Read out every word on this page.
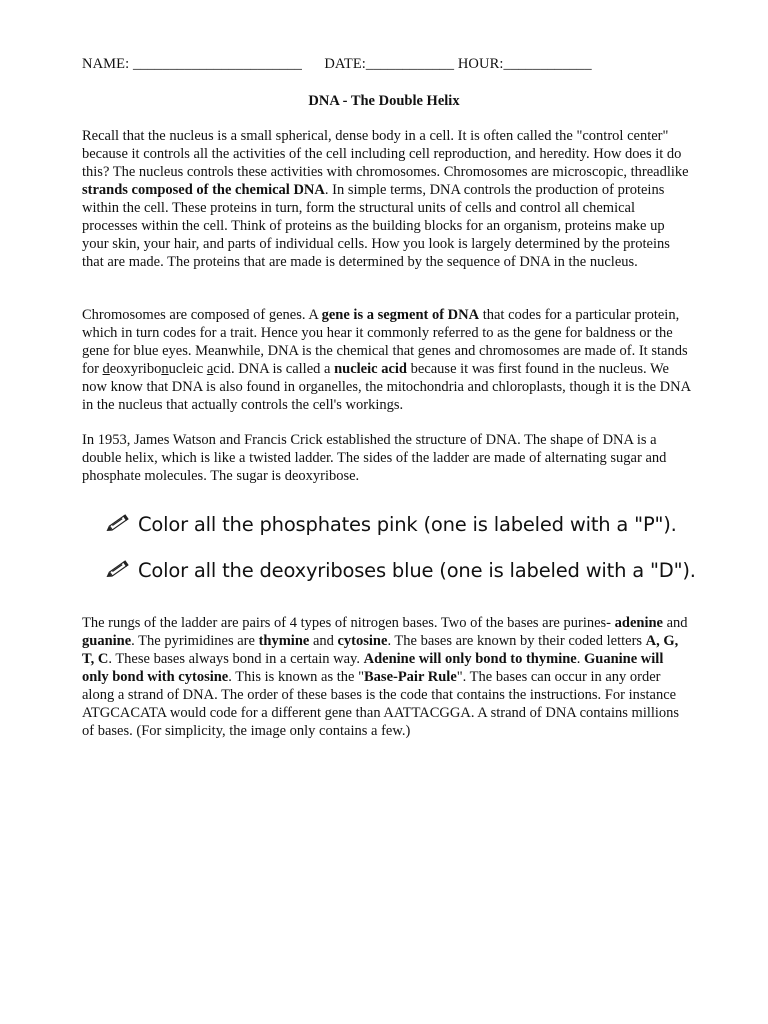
NAME: _______________________      DATE:____________ HOUR:____________
DNA - The Double Helix

Recall that the nucleus is a small spherical, dense body in a cell. It is often called the "control center" because it controls all the activities of the cell including cell reproduction, and heredity. How does it do this? The nucleus controls these activities with chromosomes. Chromosomes are microscopic, threadlike strands composed of the chemical DNA. In simple terms, DNA controls the production of proteins within the cell. These proteins in turn, form the structural units of cells and control all chemical processes within the cell. Think of proteins as the building blocks for an organism, proteins make up your skin, your hair, and parts of individual cells. How you look is largely determined by the proteins that are made. The proteins that are made is determined by the sequence of DNA in the nucleus.

Chromosomes are composed of genes. A gene is a segment of DNA that codes for a particular protein, which in turn codes for a trait. Hence you hear it commonly referred to as the gene for baldness or the gene for blue eyes. Meanwhile, DNA is the chemical that genes and chromosomes are made of. It stands for deoxyribonucleic acid. DNA is called a nucleic acid because it was first found in the nucleus. We now know that DNA is also found in organelles, the mitochondria and chloroplasts, though it is the DNA in the nucleus that actually controls the cell's workings.

In 1953, James Watson and Francis Crick established the structure of DNA. The shape of DNA is a double helix, which is like a twisted ladder. The sides of the ladder are made of alternating sugar and phosphate molecules. The sugar is deoxyribose.

Color all the phosphates pink (one is labeled with a "P").
Color all the deoxyriboses blue (one is labeled with a "D").

The rungs of the ladder are pairs of 4 types of nitrogen bases. Two of the bases are purines- adenine and guanine. The pyrimidines are thymine and cytosine. The bases are known by their coded letters A, G, T, C. These bases always bond in a certain way. Adenine will only bond to thymine. Guanine will only bond with cytosine. This is known as the "Base-Pair Rule". The bases can occur in any order along a strand of DNA. The order of these bases is the code that contains the instructions. For instance ATGCACATA would code for a different gene than AATTACGGA. A strand of DNA contains millions of bases. (For simplicity, the image only contains a few.)
